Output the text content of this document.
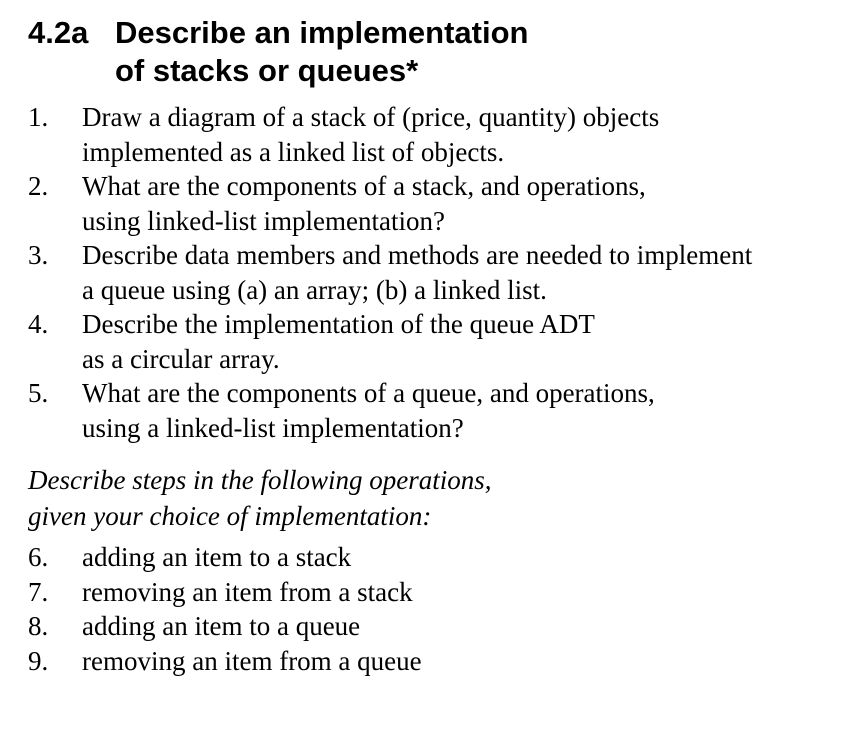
4.2a Describe an implementation
of stacks or queues*
1. Draw a diagram of a stack of (price, quantity) objects
implemented as a linked list of objects.
2. What are the components of a stack, and operations,
using linked-list implementation?
3. Describe data members and methods are needed to implement
a queue using (a) an array; (b) a linked list.
4. Describe the implementation of the queue ADT
as a circular array.
5. What are the components of a queue, and operations,
using a linked-list implementation?
Describe steps in the following operations,
given your choice of implementation:
6. adding an item to a stack
7. removing an item from a stack
8. adding an item to a queue
9. removing an item from a queue
